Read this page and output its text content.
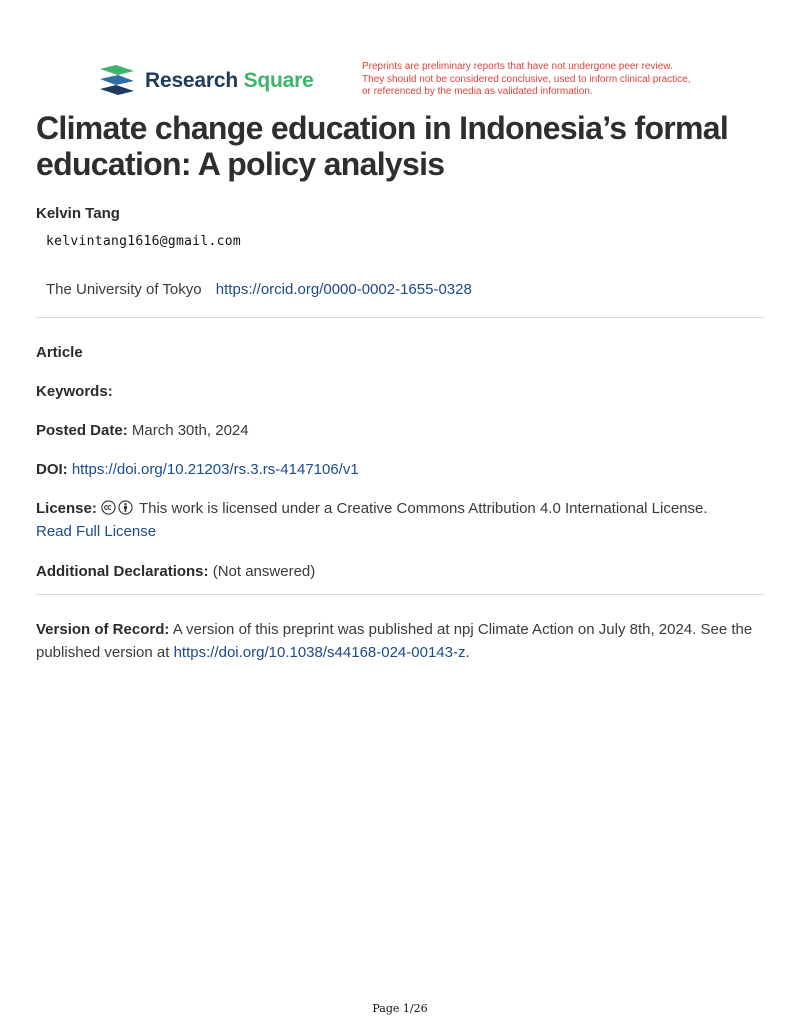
Research Square
Preprints are preliminary reports that have not undergone peer review.
They should not be considered conclusive, used to inform clinical practice,
or referenced by the media as validated information.
Climate change education in Indonesia’s formal education: A policy analysis
Kelvin Tang
kelvintang1616@gmail.com
The University of Tokyo https://orcid.org/0000-0002-1655-0328
Article
Keywords:
Posted Date: March 30th, 2024
DOI: https://doi.org/10.21203/rs.3.rs-4147106/v1
License:	This work is licensed under a Creative Commons Attribution 4.0 International License.
Read Full License
Additional Declarations: (Not answered)
Version of Record: A version of this preprint was published at npj Climate Action on July 8th, 2024. See the published version at https://doi.org/10.1038/s44168-024-00143-z.
Page 1/26
